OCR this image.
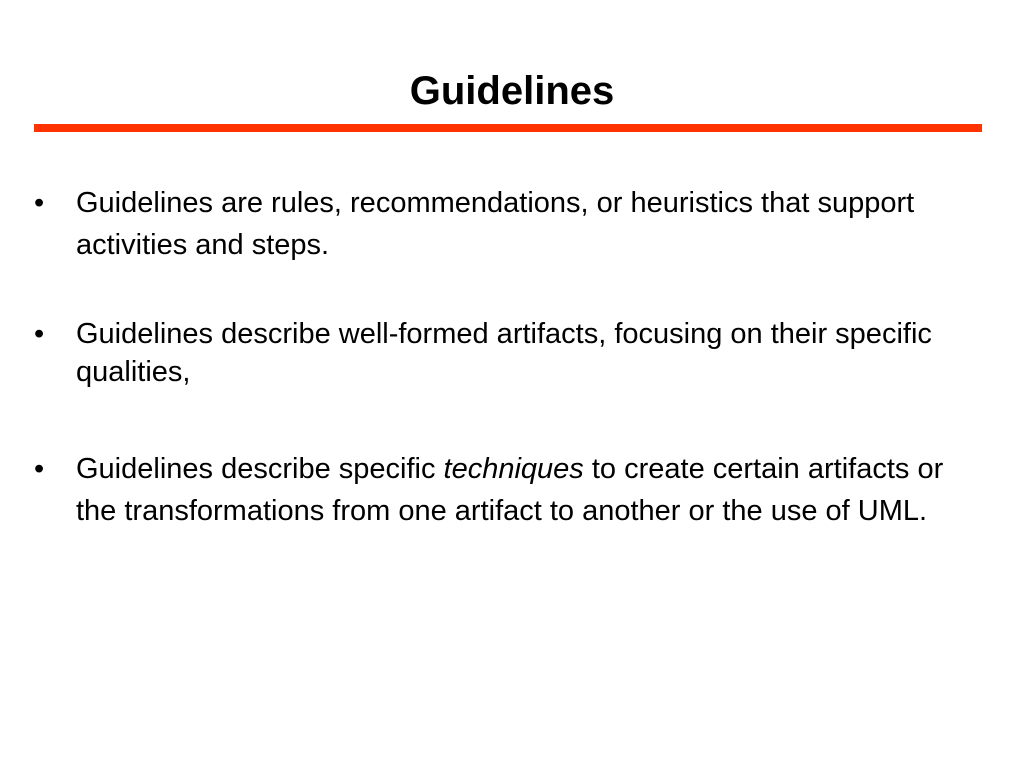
Guidelines
• Guidelines are rules, recommendations, or heuristics that support activities and steps.
• Guidelines describe well-formed artifacts, focusing on their specific qualities,
• Guidelines describe specific techniques to create certain artifacts or the transformations from one artifact to another or the use of UML.
